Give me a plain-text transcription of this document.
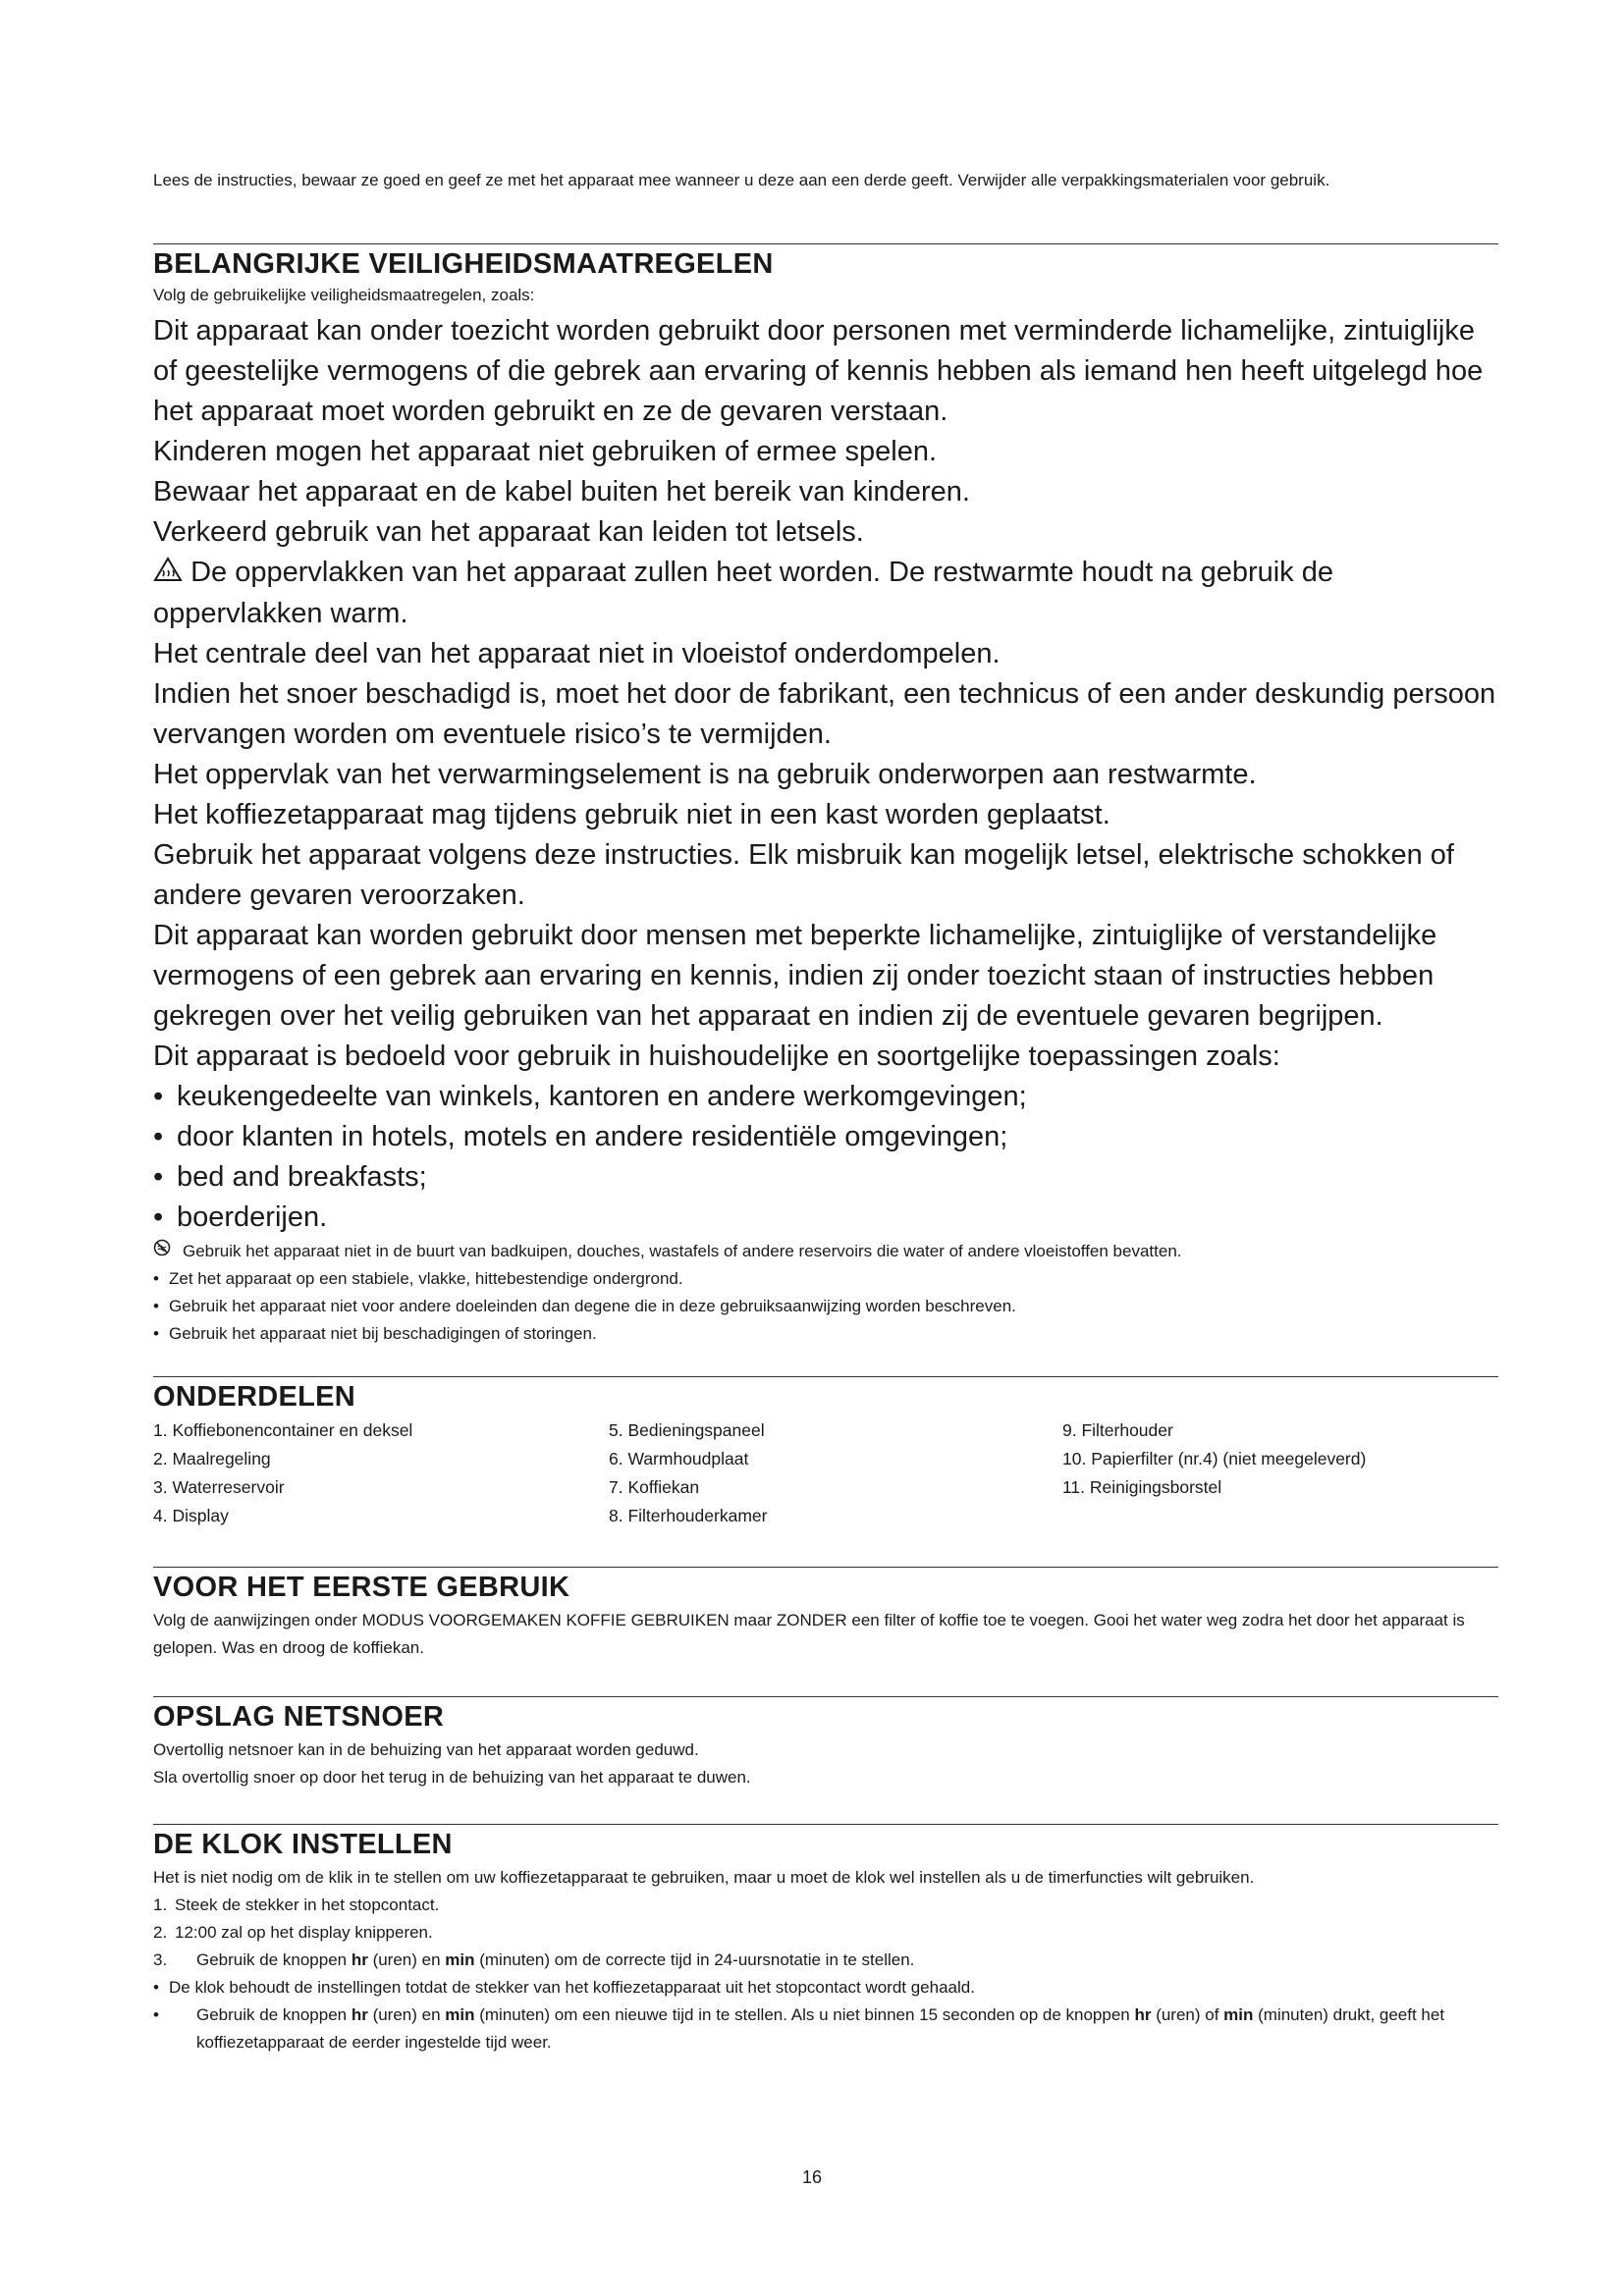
Lees de instructies, bewaar ze goed en geef ze met het apparaat mee wanneer u deze aan een derde geeft. Verwijder alle verpakkingsmaterialen voor gebruik.
BELANGRIJKE VEILIGHEIDSMAATREGELEN
Volg de gebruikelijke veiligheidsmaatregelen, zoals:

Dit apparaat kan onder toezicht worden gebruikt door personen met verminderde lichamelijke, zintuiglijke of geestelijke vermogens of die gebrek aan ervaring of kennis hebben als iemand hen heeft uitgelegd hoe het apparaat moet worden gebruikt en ze de gevaren verstaan.

Kinderen mogen het apparaat niet gebruiken of ermee spelen.

Bewaar het apparaat en de kabel buiten het bereik van kinderen.

Verkeerd gebruik van het apparaat kan leiden tot letsels.

De oppervlakken van het apparaat zullen heet worden. De restwarmte houdt na gebruik de oppervlakken warm.

Het centrale deel van het apparaat niet in vloeistof onderdompelen.

Indien het snoer beschadigd is, moet het door de fabrikant, een technicus of een ander deskundig persoon vervangen worden om eventuele risico’s te vermijden.

Het oppervlak van het verwarmingselement is na gebruik onderworpen aan restwarmte.

Het koffiezetapparaat mag tijdens gebruik niet in een kast worden geplaatst.

Gebruik het apparaat volgens deze instructies. Elk misbruik kan mogelijk letsel, elektrische schokken of andere gevaren veroorzaken.

Dit apparaat kan worden gebruikt door mensen met beperkte lichamelijke, zintuiglijke of verstandelijke vermogens of een gebrek aan ervaring en kennis, indien zij onder toezicht staan of instructies hebben gekregen over het veilig gebruiken van het apparaat en indien zij de eventuele gevaren begrijpen.

Dit apparaat is bedoeld voor gebruik in huishoudelijke en soortgelijke toepassingen zoals:

• keukengedeelte van winkels, kantoren en andere werkomgevingen;
• door klanten in hotels, motels en andere residentiële omgevingen;
• bed and breakfasts;
• boerderijen.
Gebruik het apparaat niet in de buurt van badkuipen, douches, wastafels of andere reservoirs die water of andere vloeistoffen bevatten.
• Zet het apparaat op een stabiele, vlakke, hittebestendige ondergrond.
• Gebruik het apparaat niet voor andere doeleinden dan degene die in deze gebruiksaanwijzing worden beschreven.
• Gebruik het apparaat niet bij beschadigingen of storingen.
ONDERDELEN
1. Koffiebonencontainer en deksel
2. Maalregeling
3. Waterreservoir
4. Display
5. Bedieningspaneel
6. Warmhoudplaat
7. Koffiekan
8. Filterhouderkamer
9. Filterhouder
10. Papierfilter (nr.4) (niet meegeleverd)
11. Reinigingsborstel
VOOR HET EERSTE GEBRUIK
Volg de aanwijzingen onder MODUS VOORGEMAKEN KOFFIE GEBRUIKEN maar ZONDER een filter of koffie toe te voegen. Gooi het water weg zodra het door het apparaat is gelopen. Was en droog de koffiekan.
OPSLAG NETSNOER

Overtollig netsnoer kan in de behuizing van het apparaat worden geduwd.

Sla overtollig snoer op door het terug in de behuizing van het apparaat te duwen.

DE KLOK INSTELLEN

Het is niet nodig om de klik in te stellen om uw koffiezetapparaat te gebruiken, maar u moet de klok wel instellen als u de timerfuncties wilt gebruiken.

1. Steek de stekker in het stopcontact.
2. 12:00 zal op het display knipperen.
3.	Gebruik de knoppen hr (uren) en min (minuten) om de correcte tijd in 24-uursnotatie in te stellen.
• De klok behoudt de instellingen totdat de stekker van het koffiezetapparaat uit het stopcontact wordt gehaald.
•	Gebruik de knoppen hr (uren) en min (minuten) om een nieuwe tijd in te stellen. Als u niet binnen 15 seconden op de knoppen hr (uren) of min (minuten) drukt, geeft het koffiezetapparaat de eerder ingestelde tijd weer.
16
